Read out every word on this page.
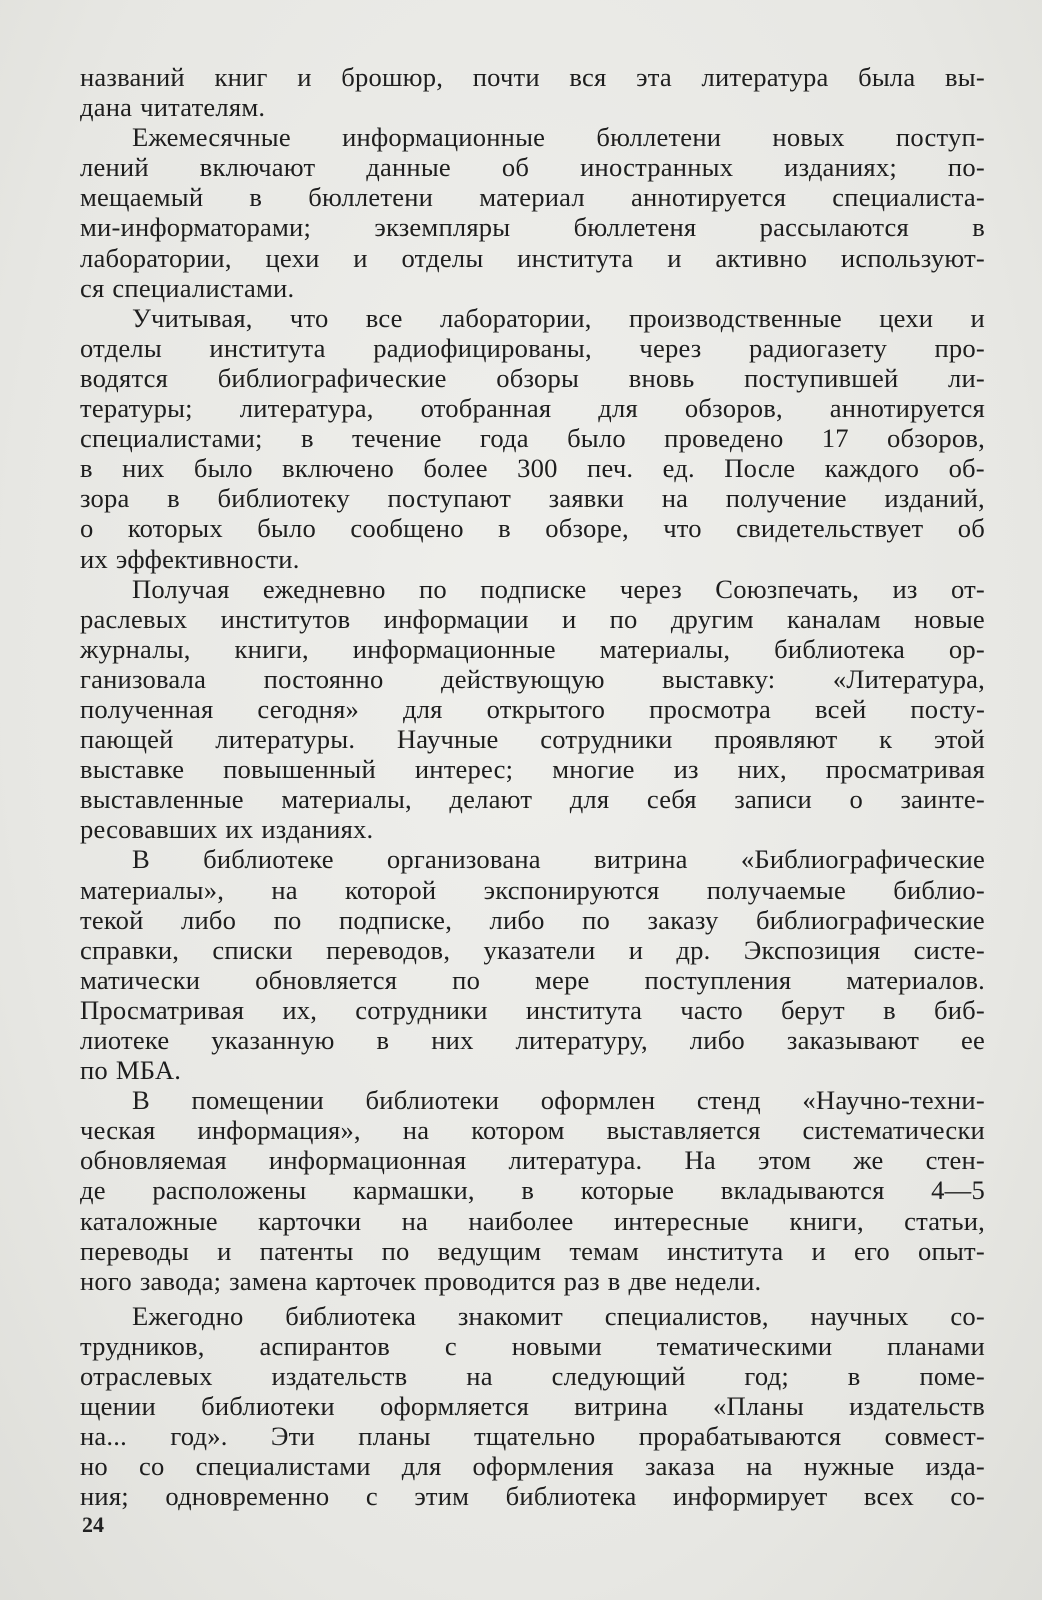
названий книг и брошюр, почти вся эта литература была вы-
дана читателям.
Ежемесячные информационные бюллетени новых поступ-
лений включают данные об иностранных изданиях; по-
мещаемый в бюллетени материал аннотируется специалиста-
ми-информаторами; экземпляры бюллетеня рассылаются в
лаборатории, цехи и отделы института и активно используют-
ся специалистами.
Учитывая, что все лаборатории, производственные цехи и
отделы института радиофицированы, через радиогазету про-
водятся библиографические обзоры вновь поступившей ли-
тературы; литература, отобранная для обзоров, аннотируется
специалистами; в течение года было проведено 17 обзоров,
в них было включено более 300 печ. ед. После каждого об-
зора в библиотеку поступают заявки на получение изданий,
о которых было сообщено в обзоре, что свидетельствует об
их эффективности.
Получая ежедневно по подписке через Союзпечать, из от-
раслевых институтов информации и по другим каналам новые
журналы, книги, информационные материалы, библиотека ор-
ганизовала постоянно действующую выставку: «Литература,
полученная сегодня» для открытого просмотра всей посту-
пающей литературы. Научные сотрудники проявляют к этой
выставке повышенный интерес; многие из них, просматривая
выставленные материалы, делают для себя записи о заинте-
ресовавших их изданиях.
В библиотеке организована витрина «Библиографические
материалы», на которой экспонируются получаемые библио-
текой либо по подписке, либо по заказу библиографические
справки, списки переводов, указатели и др. Экспозиция систе-
матически обновляется по мере поступления материалов.
Просматривая их, сотрудники института часто берут в биб-
лиотеке указанную в них литературу, либо заказывают ее
по МБА.
В помещении библиотеки оформлен стенд «Научно-техни-
ческая информация», на котором выставляется систематически
обновляемая информационная литература. На этом же стен-
де расположены кармашки, в которые вкладываются 4—5
каталожные карточки на наиболее интересные книги, статьи,
переводы и патенты по ведущим темам института и его опыт-
ного завода; замена карточек проводится раз в две недели.
Ежегодно библиотека знакомит специалистов, научных со-
трудников, аспирантов с новыми тематическими планами
отраслевых издательств на следующий год; в поме-
щении библиотеки оформляется витрина «Планы издательств
на... год». Эти планы тщательно прорабатываются совмест-
но со специалистами для оформления заказа на нужные изда-
ния; одновременно с этим библиотека информирует всех со-
24
